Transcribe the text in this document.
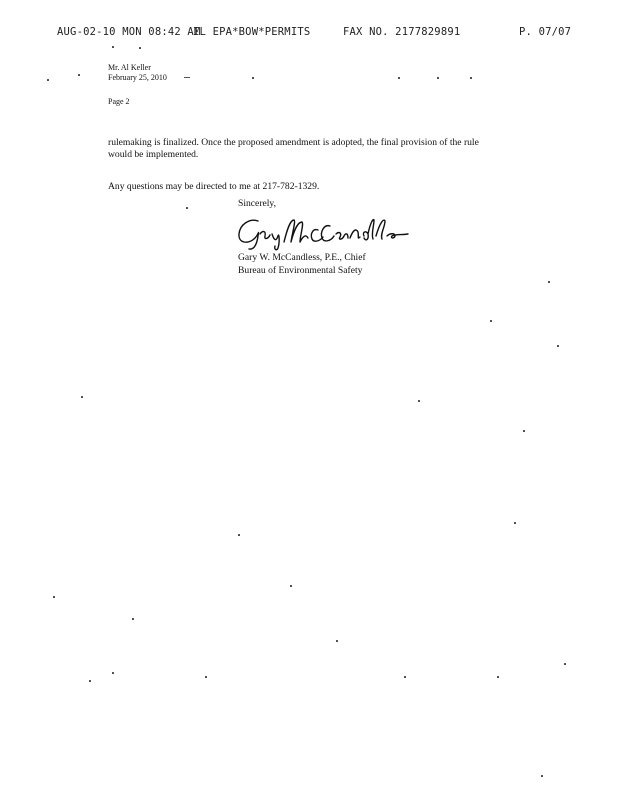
AUG-02-10 MON 08:42 AM
IL EPA*BOW*PERMITS	FAX NO. 2177829891	P. 07/07
Mr. Al Keller
February 25, 2010
Page 2

rulemaking is finalized. Once the proposed amendment is adopted, the final provision of the rule would be implemented.

Any questions may be directed to me at 217-782-1329.

Sincerely,
Gary W. McCandless, P.E., Chief
Bureau of Environmental Safety
